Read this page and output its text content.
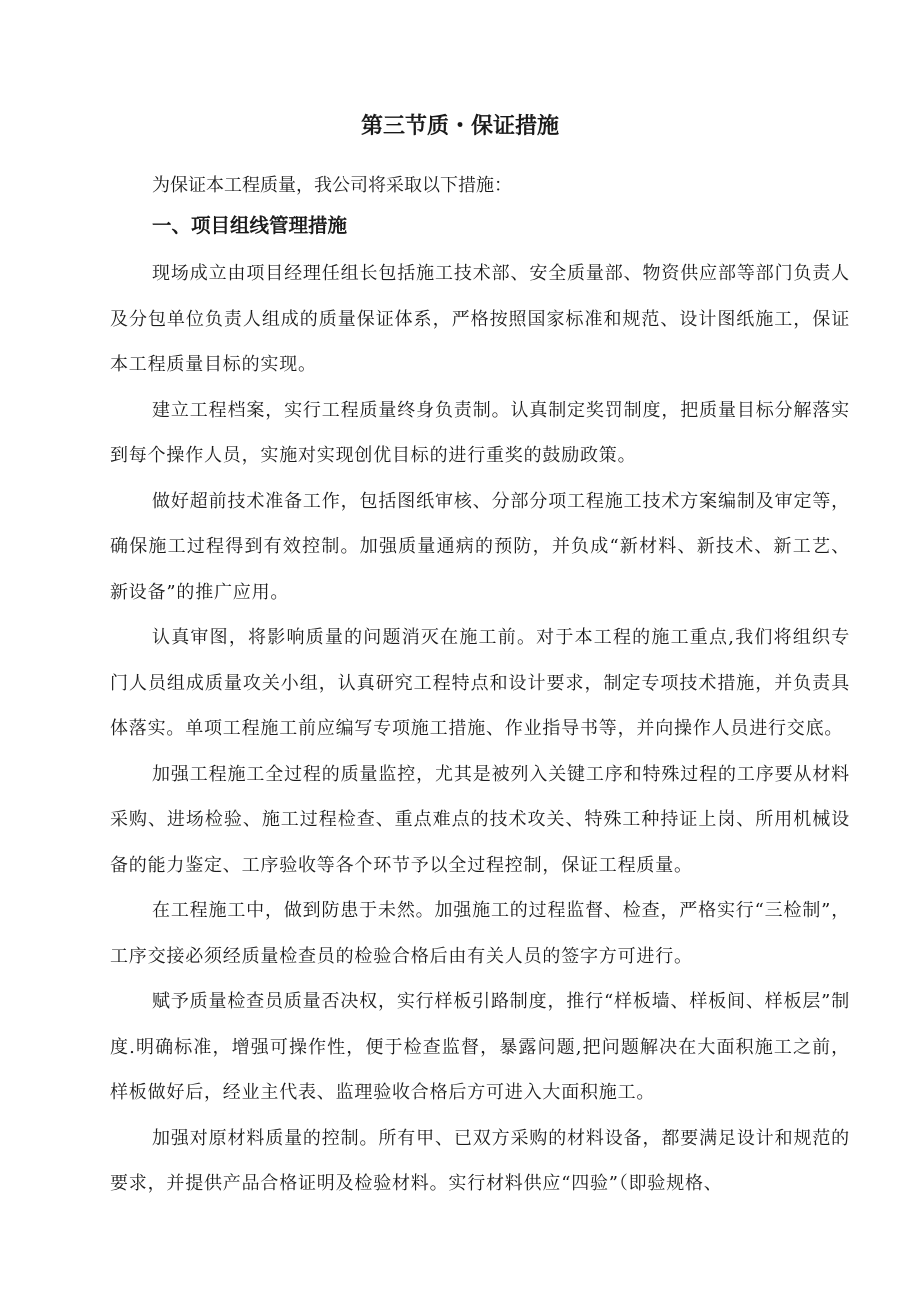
第三节质・保证措施
为保证本工程质量，我公司将采取以下措施：
一、项目组线管理措施

现场成立由项目经理任组长包括施工技术部、安全质量部、物资供应部等部门负责人及分包单位负责人组成的质量保证体系，严格按照国家标准和规范、设计图纸施工，保证本工程质量目标的实现。

建立工程档案，实行工程质量终身负责制。认真制定奖罚制度，把质量目标分解落实到每个操作人员，实施对实现创优目标的进行重奖的鼓励政策。

做好超前技术准备工作，包括图纸审核、分部分项工程施工技术方案编制及审定等，确保施工过程得到有效控制。加强质量通病的预防，并负成“新材料、新技术、新工艺、新设备”的推广应用。

认真审图，将影响质量的问题消灭在施工前。对于本工程的施工重点,我们将组织专门人员组成质量攻关小组，认真研究工程特点和设计要求，制定专项技术措施，并负责具体落实。单项工程施工前应编写专项施工措施、作业指导书等，并向操作人员进行交底。

加强工程施工全过程的质量监控，尤其是被列入关键工序和特殊过程的工序要从材料采购、进场检验、施工过程检查、重点难点的技术攻关、特殊工种持证上岗、所用机械设备的能力鉴定、工序验收等各个环节予以全过程控制，保证工程质量。

在工程施工中，做到防患于未然。加强施工的过程监督、检查，严格实行“三检制”，工序交接必须经质量检查员的检验合格后由有关人员的签字方可进行。

赋予质量检查员质量否决权，实行样板引路制度，推行“样板墙、样板间、样板层”制度.明确标准，增强可操作性，便于检查监督，暴露问题,把问题解决在大面积施工之前，样板做好后，经业主代表、监理验收合格后方可进入大面积施工。

加强对原材料质量的控制。所有甲、已双方采购的材料设备，都要满足设计和规范的要求，并提供产品合格证明及检验材料。实行材料供应“四验”（即验规格、
